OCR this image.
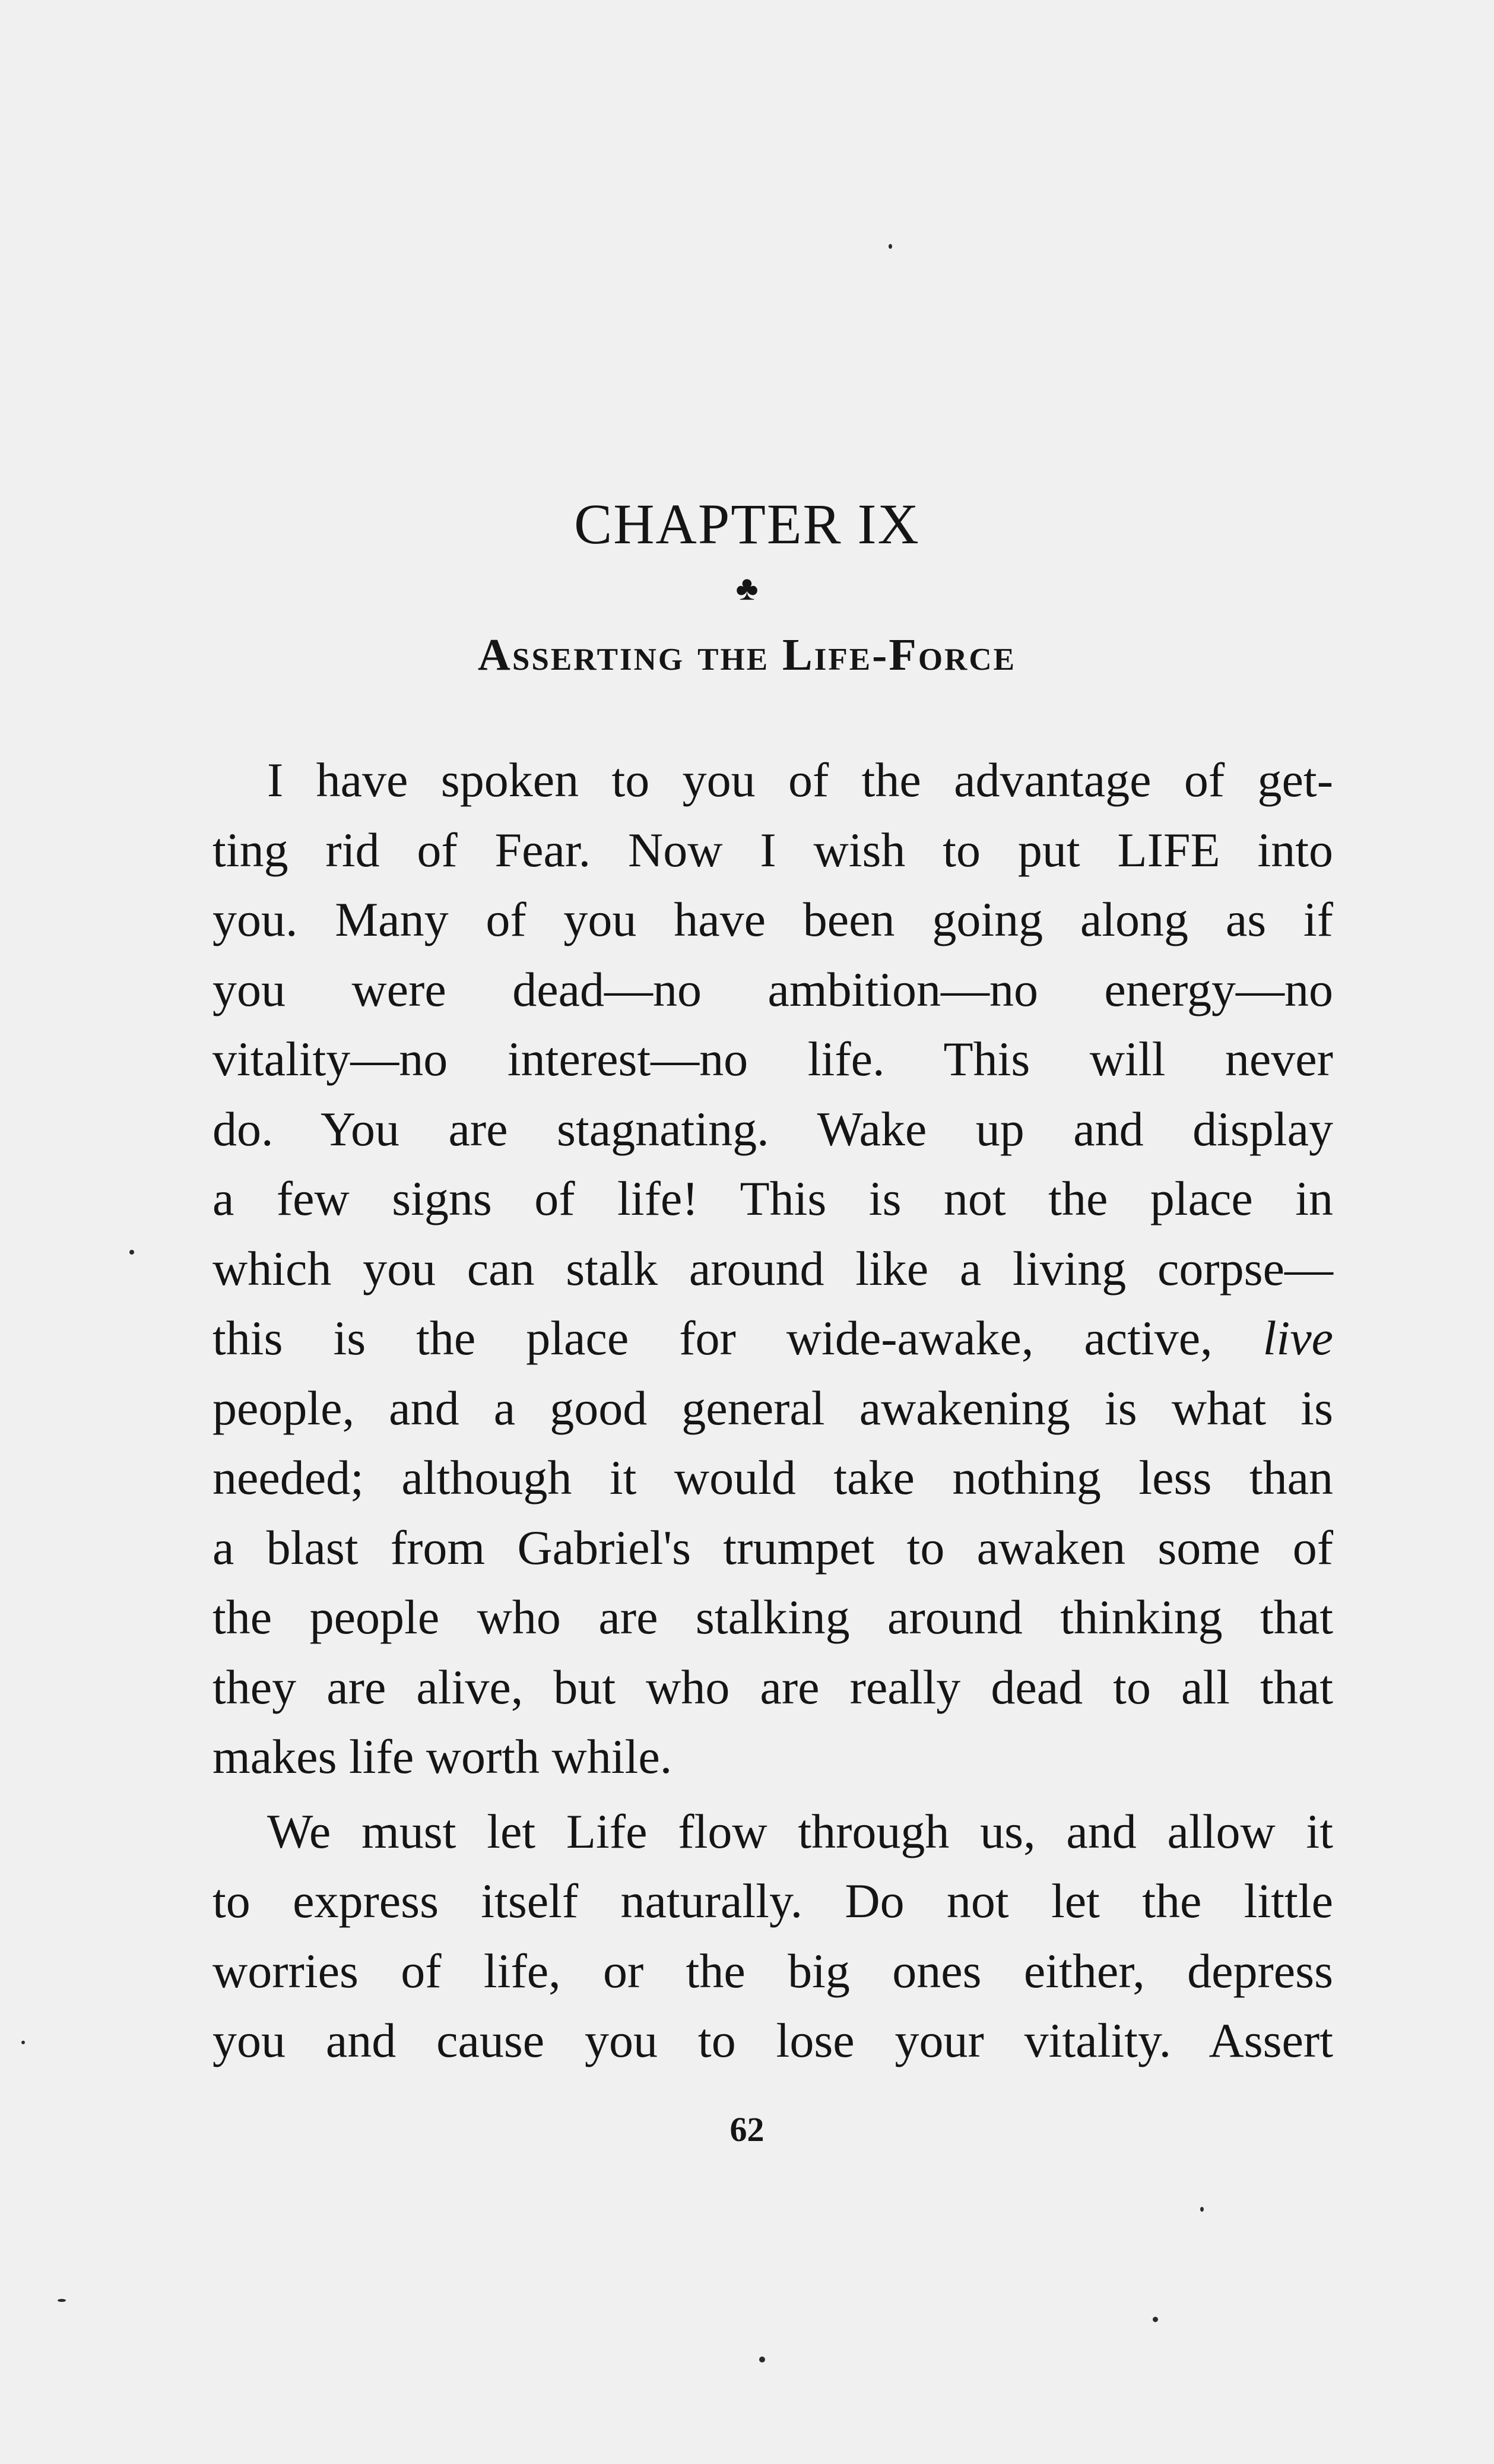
CHAPTER IX
♣
Asserting the Life-Force
I have spoken to you of the advantage of get-
ting rid of Fear. Now I wish to put LIFE into
you. Many of you have been going along as if
you were dead—no ambition—no energy—no
vitality—no interest—no life. This will never
do. You are stagnating. Wake up and display
a few signs of life! This is not the place in
which you can stalk around like a living corpse—
this is the place for wide-awake, active, live
people, and a good general awakening is what is
needed; although it would take nothing less than
a blast from Gabriel's trumpet to awaken some of
the people who are stalking around thinking that
they are alive, but who are really dead to all that
makes life worth while.
We must let Life flow through us, and allow it
to express itself naturally. Do not let the little
worries of life, or the big ones either, depress
you and cause you to lose your vitality. Assert
62
